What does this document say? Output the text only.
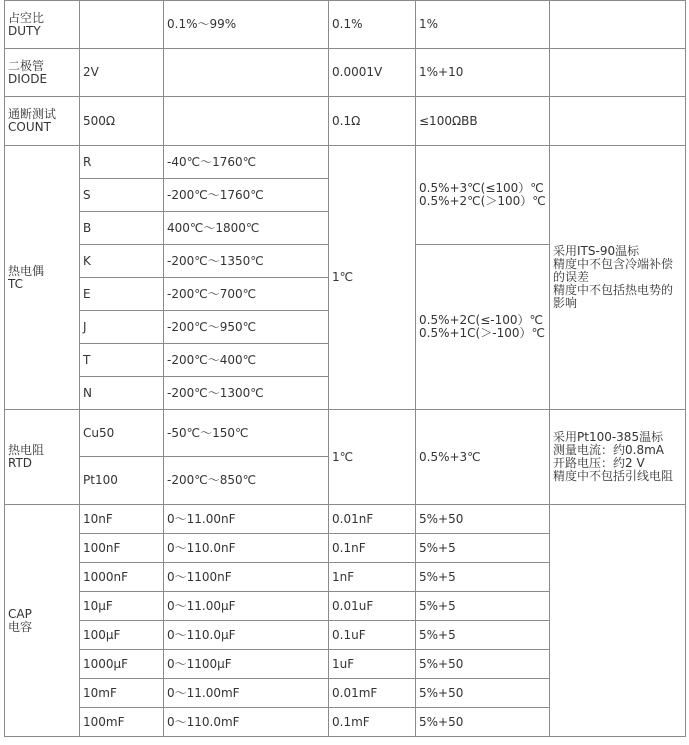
占空比
DUTY		0.1%～99%	0.1%	1%	

二极管
DIODE	2V		0.0001V	1%+10	

通断测试
COUNT	500Ω		0.1Ω	≤100ΩBB	

热电偶
TC	R	-40℃～1760℃	1℃	0.5%+3℃(≤100）℃
0.5%+2℃(＞100）℃	采用ITS-90温标
精度中不包含冷端补偿
的误差
精度中不包括热电势的
影响

	S	-200℃～1760℃			
	B	400℃～1800℃			
	K	-200℃～1350℃		0.5%+2C(≤-100）℃
0.5%+1C(＞-100）℃	

	E	-200℃～700℃			
	J	-200℃～950℃			
	T	-200℃～400℃			
	N	-200℃～1300℃			

热电阻
RTD	Cu50	-50℃～150℃	1℃	0.5%+3℃	采用Pt100-385温标
测量电流：约0.8mA
开路电压：约2 V
精度中不包括引线电阻

	Pt100	-200℃～850℃			

CAP
电容	10nF	0～11.00nF	0.01nF	5%+50	
	100nF	0～110.0nF	0.1nF	5%+5	
	1000nF	0～1100nF	1nF	5%+5	
	10μF	0～11.00μF	0.01uF	5%+5	
	100μF	0～110.0μF	0.1uF	5%+5	
	1000μF	0～1100μF	1uF	5%+50	
	10mF	0～11.00mF	0.01mF	5%+50	
	100mF	0～110.0mF	0.1mF	5%+50	
